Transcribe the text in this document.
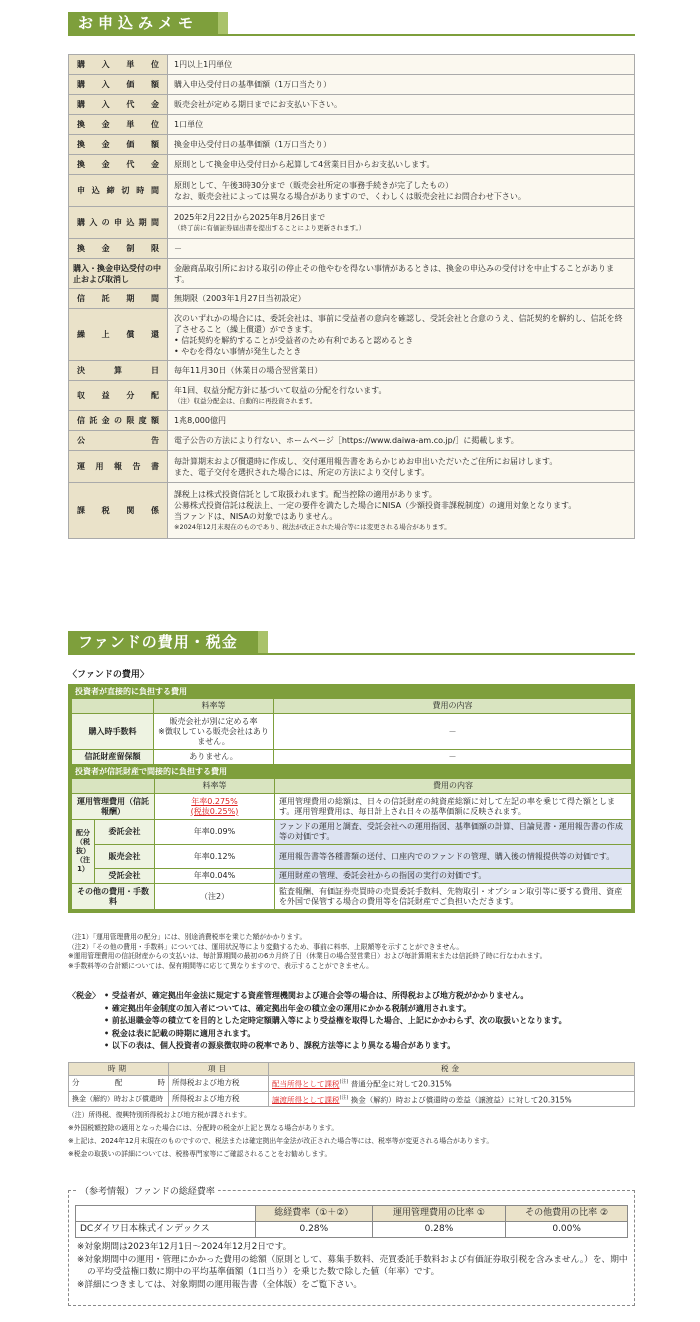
お申込みメモ
購入単位	1円以上1円単位

購入価額	購入申込受付日の基準価額（1万口当たり）

購入代金	販売会社が定める期日までにお支払い下さい。

換金単位	1口単位

換金価額	換金申込受付日の基準価額（1万口当たり）

換金代金	原則として換金申込受付日から起算して4営業日目からお支払いします。

申込締切時間	原則として、午後3時30分まで（販売会社所定の事務手続きが完了したもの）
なお、販売会社によっては異なる場合がありますので、くわしくは販売会社にお問合わせ下さい。

購入の申込期間	2025年2月22日から2025年8月26日まで
（終了前に有価証券届出書を提出することにより更新されます。）

換金制限	－

購入・換金申込受付の中止および取消し	金融商品取引所における取引の停止その他やむを得ない事情があるときは、換金の申込みの受付けを中止することがあります。

信託期間	無期限（2003年1月27日当初設定）

繰上償還	次のいずれかの場合には、委託会社は、事前に受益者の意向を確認し、受託会社と合意のうえ、信託契約を解約し、信託を終了させること（繰上償還）ができます。
• 信託契約を解約することが受益者のため有利であると認めるとき
• やむを得ない事情が発生したとき

決算日	毎年11月30日（休業日の場合翌営業日）

収益分配	年1回、収益分配方針に基づいて収益の分配を行ないます。
（注）収益分配金は、自動的に再投資されます。

信託金の限度額	1兆8,000億円

公告	電子公告の方法により行ない、ホームページ［https://www.daiwa-am.co.jp/］に掲載します。

運用報告書	毎計算期末および償還時に作成し、交付運用報告書をあらかじめお申出いただいたご住所にお届けします。
また、電子交付を選択された場合には、所定の方法により交付します。

課税関係	課税上は株式投資信託として取扱われます。配当控除の適用があります。
公募株式投資信託は税法上、一定の要件を満たした場合にNISA（少額投資非課税制度）の適用対象となります。
当ファンドは、NISAの対象ではありません。
※2024年12月末現在のものであり、税法が改正された場合等には変更される場合があります。
ファンドの費用・税金
〈ファンドの費用〉
投資者が直接的に負担する費用
	料率等	費用の内容
購入時手数料	販売会社が別に定める率
※徴収している販売会社はありません。	－
信託財産留保額	ありません。	－
投資者が信託財産で間接的に負担する費用
		料率等	費用の内容
運用管理費用（信託報酬）		年率0.275%
(税抜0.25%)	運用管理費用の総額は、日々の信託財産の純資産総額に対して左記の率を乗じて得た額とします。運用管理費用は、毎日計上され日々の基準価額に反映されます。
配分（税抜）（注1）	委託会社	年率0.09%	ファンドの運用と調査、受託会社への運用指図、基準価額の計算、目論見書・運用報告書の作成等の対価です。
	販売会社	年率0.12%	運用報告書等各種書類の送付、口座内でのファンドの管理、購入後の情報提供等の対価です。
	受託会社	年率0.04%	運用財産の管理、委託会社からの指図の実行の対価です。
その他の費用・手数料		（注2）	監査報酬、有価証券売買時の売買委託手数料、先物取引・オプション取引等に要する費用、資産を外国で保管する場合の費用等を信託財産でご負担いただきます。
（注1）「運用管理費用の配分」には、別途消費税率を乗じた額がかかります。
（注2）「その他の費用・手数料」については、運用状況等により変動するため、事前に料率、上限額等を示すことができません。
※運用管理費用の信託財産からの支払いは、毎計算期間の最初の6カ月終了日（休業日の場合翌営業日）および毎計算期末または信託終了時に行なわれます。
※手数料等の合計額については、保有期間等に応じて異なりますので、表示することができません。
〈税金〉	• 受益者が、確定拠出年金法に規定する資産管理機関および連合会等の場合は、所得税および地方税がかかりません。
• 確定拠出年金制度の加入者については、確定拠出年金の積立金の運用にかかる税制が適用されます。
• 前払退職金等の積立てを目的とした定時定額購入等により受益権を取得した場合、上記にかかわらず、次の取扱いとなります。
• 税金は表に記載の時期に適用されます。
• 以下の表は、個人投資者の源泉徴収時の税率であり、課税方法等により異なる場合があります。
時期	項目	税金
分配時	所得税および地方税	配当所得として課税$^{(注)}$ 普通分配金に対して20.315%
換金（解約）時および償還時	所得税および地方税	譲渡所得として課税$^{(注)}$ 換金（解約）時および償還時の差益（譲渡益）に対して20.315%
（注）所得税、復興特別所得税および地方税が課されます。
※外国税額控除の適用となった場合には、分配時の税金が上記と異なる場合があります。
※上記は、2024年12月末現在のものですので、税法または確定拠出年金法が改正された場合等には、税率等が変更される場合があります。
※税金の取扱いの詳細については、税務専門家等にご確認されることをお勧めします。
（参考情報）ファンドの総経費率
	総経費率（①＋②）	運用管理費用の比率 ①	その他費用の比率 ②
DCダイワ日本株式インデックス	0.28%	0.28%	0.00%
※対象期間は2023年12月1日～2024年12月2日です。
※対象期間中の運用・管理にかかった費用の総額（原則として、募集手数料、売買委託手数料および有価証券取引税を含みません。）を、期中の平均受益権口数に期中の平均基準価額（1口当り）を乗じた数で除した値（年率）です。
※詳細につきましては、対象期間の運用報告書（全体版）をご覧下さい。
